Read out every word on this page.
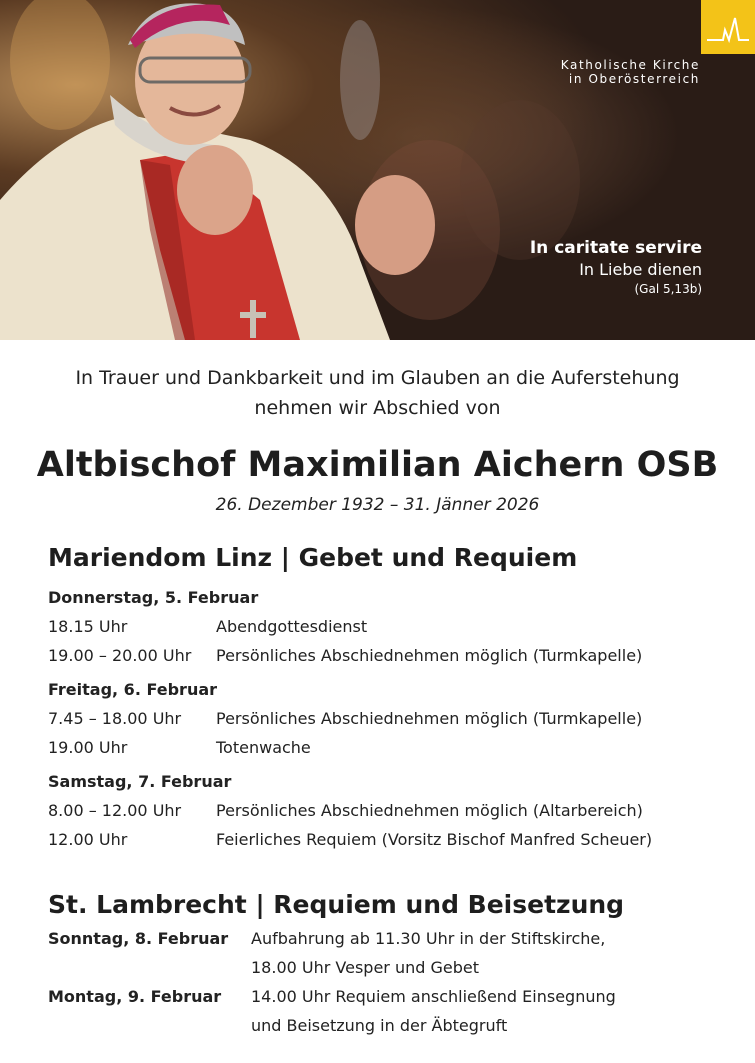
Katholische Kirche
in Oberösterreich
In caritate servire
In Liebe dienen
(Gal 5,13b)
In Trauer und Dankbarkeit und im Glauben an die Auferstehung
nehmen wir Abschied von
Altbischof Maximilian Aichern OSB
26. Dezember 1932 – 31. Jänner 2026
Mariendom Linz | Gebet und Requiem
Donnerstag, 5. Februar
18.15 Uhr	Abendgottesdienst
19.00 – 20.00 Uhr	Persönliches Abschiednehmen möglich (Turmkapelle)
Freitag, 6. Februar
7.45 – 18.00 Uhr	Persönliches Abschiednehmen möglich (Turmkapelle)
19.00 Uhr	Totenwache
Samstag, 7. Februar
8.00 – 12.00 Uhr	Persönliches Abschiednehmen möglich (Altarbereich)
12.00 Uhr	Feierliches Requiem (Vorsitz Bischof Manfred Scheuer)
St. Lambrecht | Requiem und Beisetzung
Sonntag, 8. Februar	Aufbahrung ab 11.30 Uhr in der Stiftskirche,
18.00 Uhr Vesper und Gebet
Montag, 9. Februar	14.00 Uhr Requiem anschließend Einsegnung
und Beisetzung in der Äbtegruft
